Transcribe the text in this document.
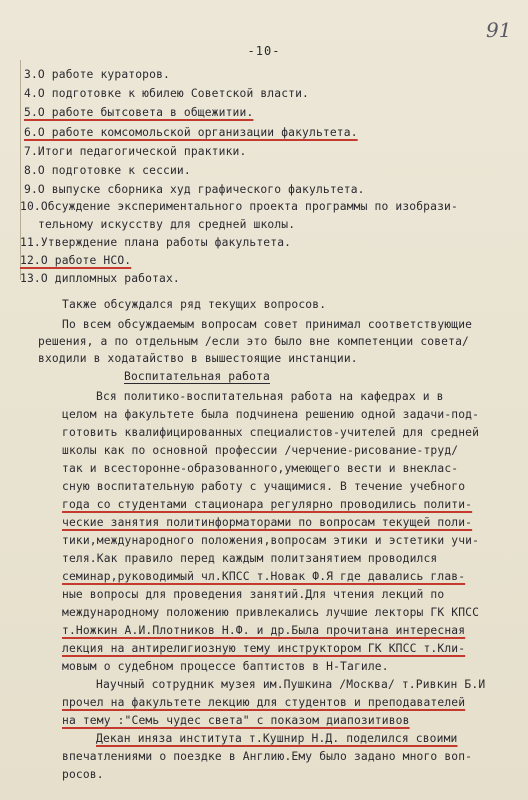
-10-
91
3.О работе кураторов.
4.О подготовке к юбилею Советской власти.
5.О работе бытсовета в общежитии.
6.О работе комсомольской организации факультета.
7.Итоги педагогической практики.
8.О подготовке к сессии.
9.О выпуске сборника худ графического факультета.
10.Обсуждение экспериментального проекта программы по изобрази-
тельному искусству для средней школы.
11.Утверждение плана работы факультета.
12.О работе НСО.
13.О дипломных работах.
Также обсуждался ряд текущих вопросов.
По всем обсуждаемым вопросам совет принимал соответствующие
решения, а по отдельным /если это было вне компетенции совета/
входили в ходатайство в вышестоящие инстанции.
Воспитательная работа
Вся политико-воспитательная работа на кафедрах и в
целом на факультете была подчинена решению одной задачи-под-
готовить квалифицированных специалистов-учителей для средней
школы как по основной профессии /черчение-рисование-труд/
так и всесторонне-образованного,умеющего вести и внеклас-
сную воспитательную работу с учащимися. В течение учебного
года со студентами стационара регулярно проводились полити-
ческие занятия политинформаторами по вопросам текущей поли-
тики,международного положения,вопросам этики и эстетики учи-
теля.Как правило перед каждым политзанятием проводился
семинар,руководимый чл.КПСС т.Новак Ф.Я где давались глав-
ные вопросы для проведения занятий.Для чтения лекций по
международному положению привлекались лучшие лекторы ГК КПСС
т.Ножкин А.И.Плотников Н.Ф. и др.Была прочитана интересная
лекция на антирелигиозную тему инструктором ГК КПСС т.Кли-
мовым о судебном процессе баптистов в Н-Тагиле.
Научный сотрудник музея им.Пушкина /Москва/ т.Ривкин Б.И
прочел на факультете лекцию для студентов и преподавателей
на тему :"Семь чудес света" с показом диапозитивов
Декан иняза института т.Кушнир Н.Д. поделился своими
впечатлениями о поездке в Англию.Ему было задано много воп-
росов.
